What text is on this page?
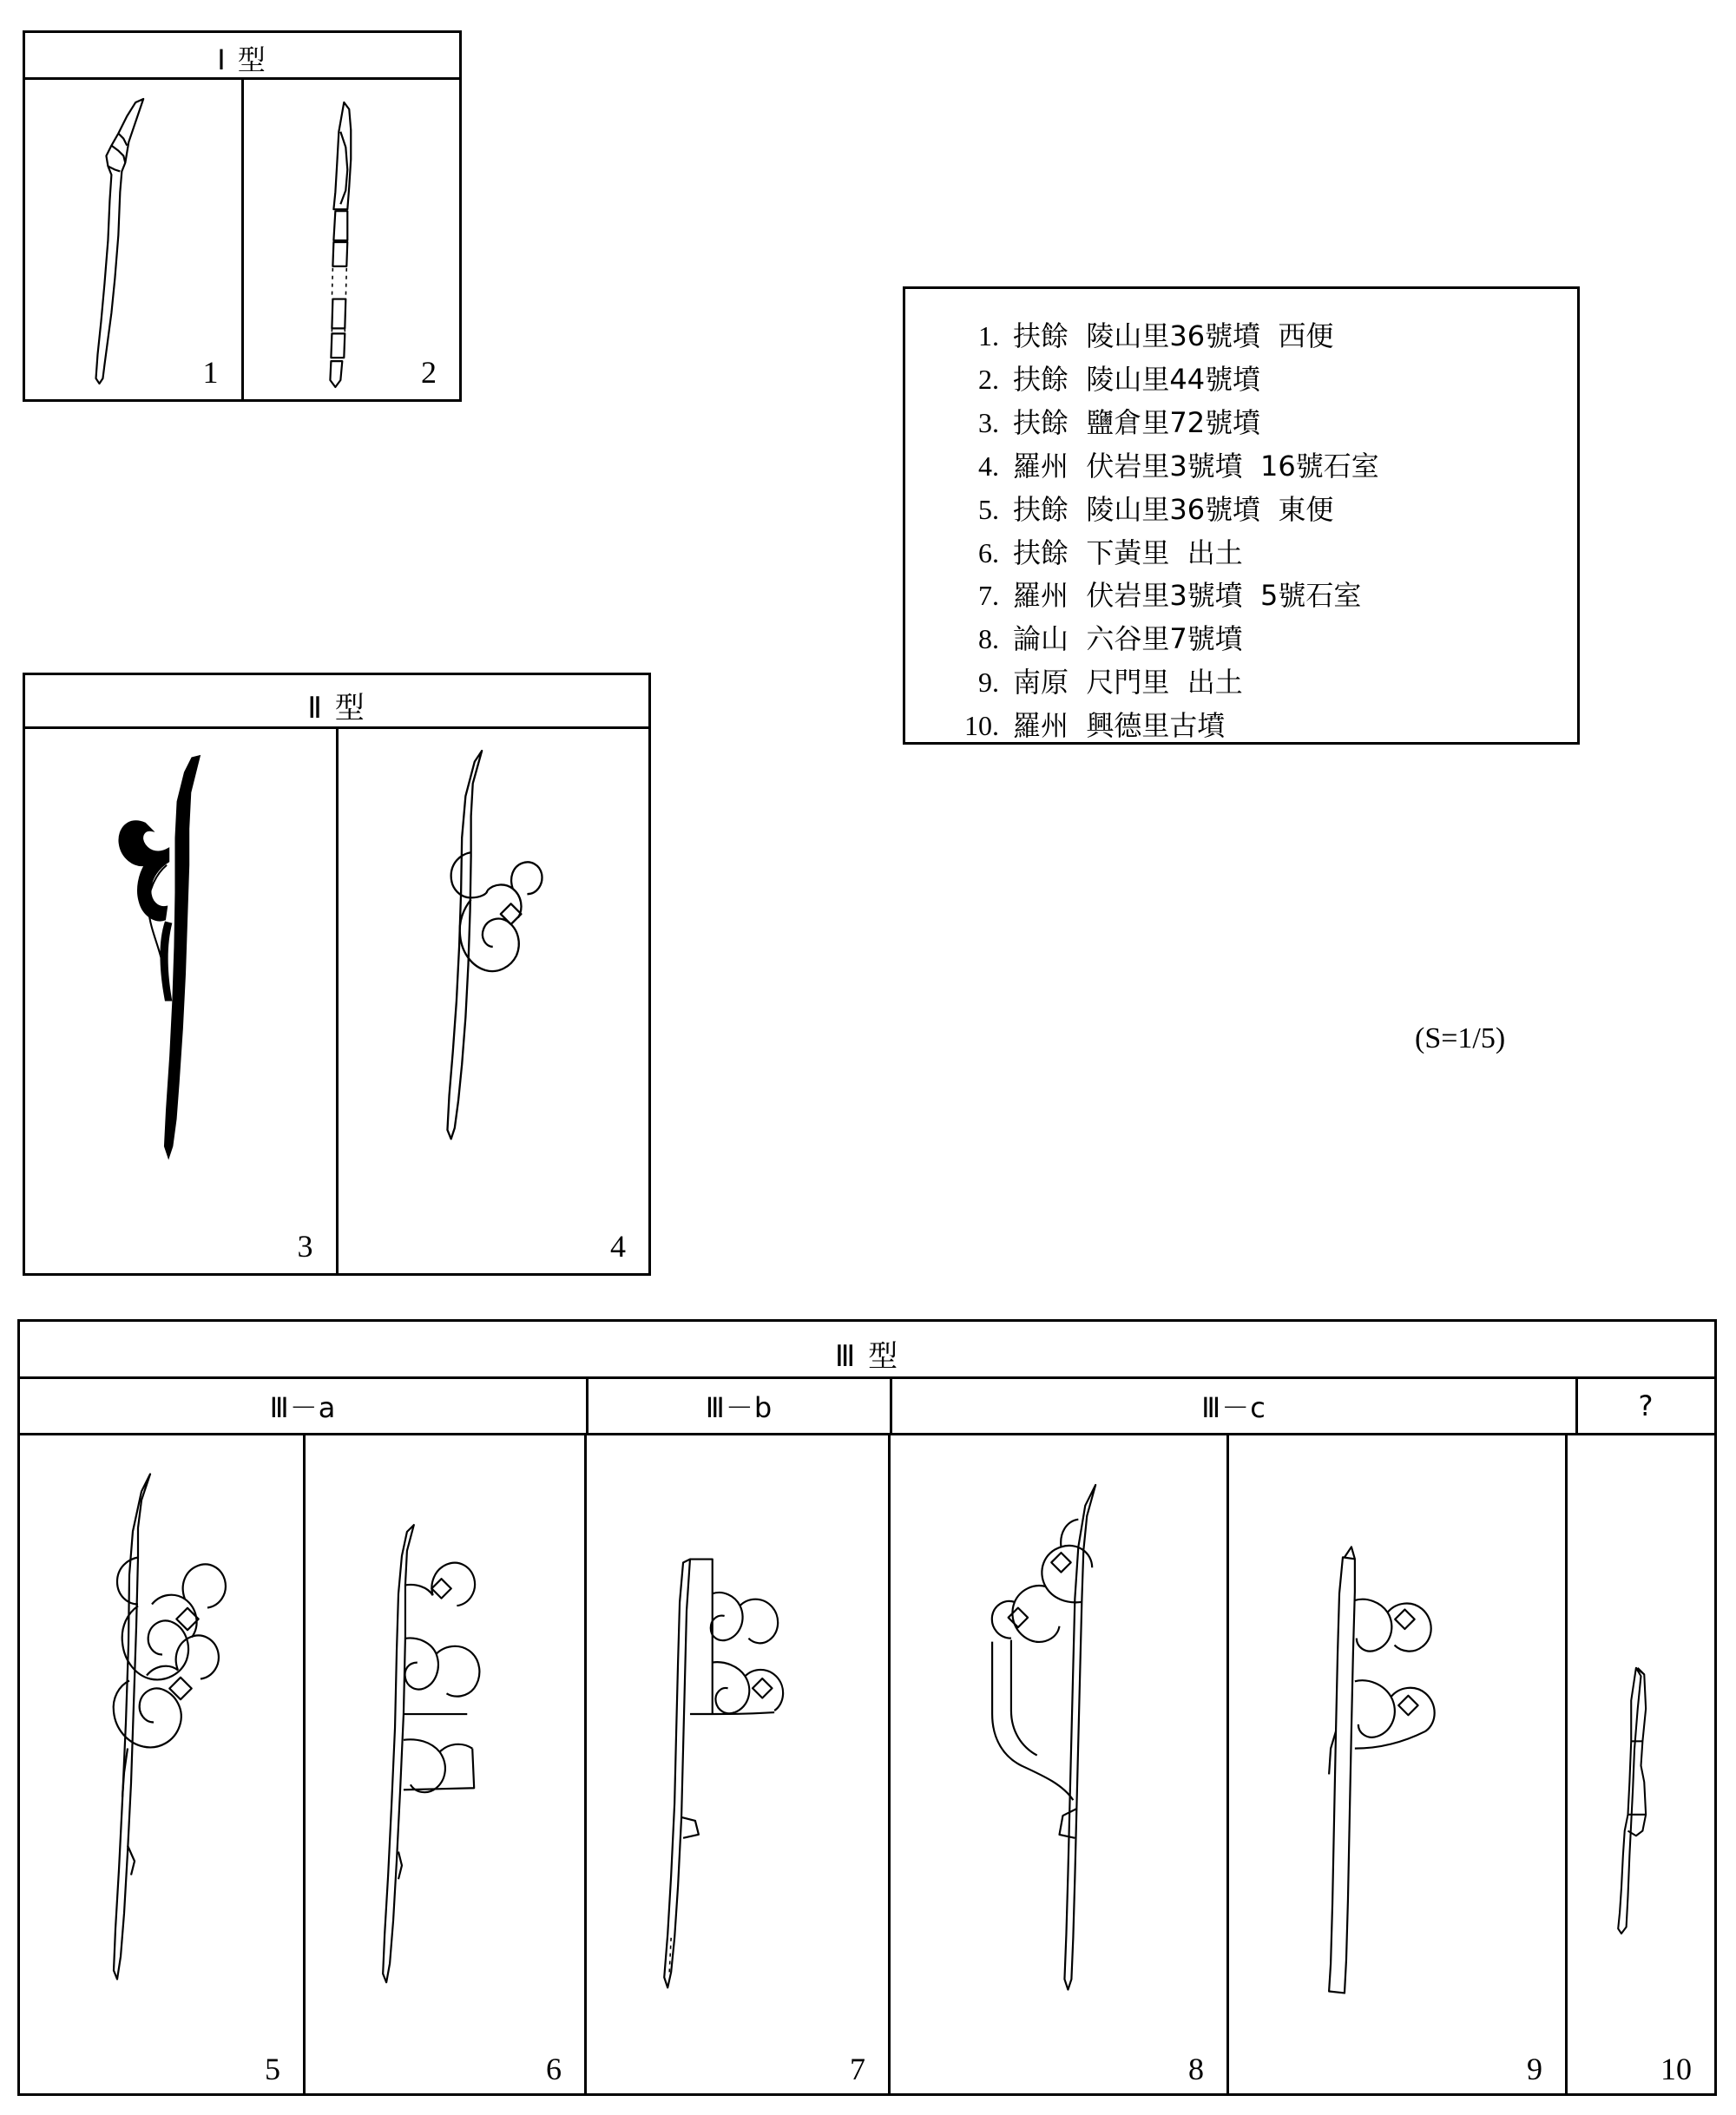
Ⅰ 型
1	2
Ⅱ 型
3	4
1. 扶餘  陵山里36號墳  西便
2. 扶餘  陵山里44號墳
3. 扶餘  鹽倉里72號墳
4. 羅州  伏岩里3號墳  16號石室
5. 扶餘  陵山里36號墳  東便
6. 扶餘  下黃里  出土
7. 羅州  伏岩里3號墳  5號石室
8. 論山  六谷里7號墳
9. 南原  尺門里  出土
10. 羅州  興德里古墳
(S=1/5)
Ⅲ 型
Ⅲ－a	Ⅲ－b	Ⅲ－c	?
5	6	7	8	9	10
